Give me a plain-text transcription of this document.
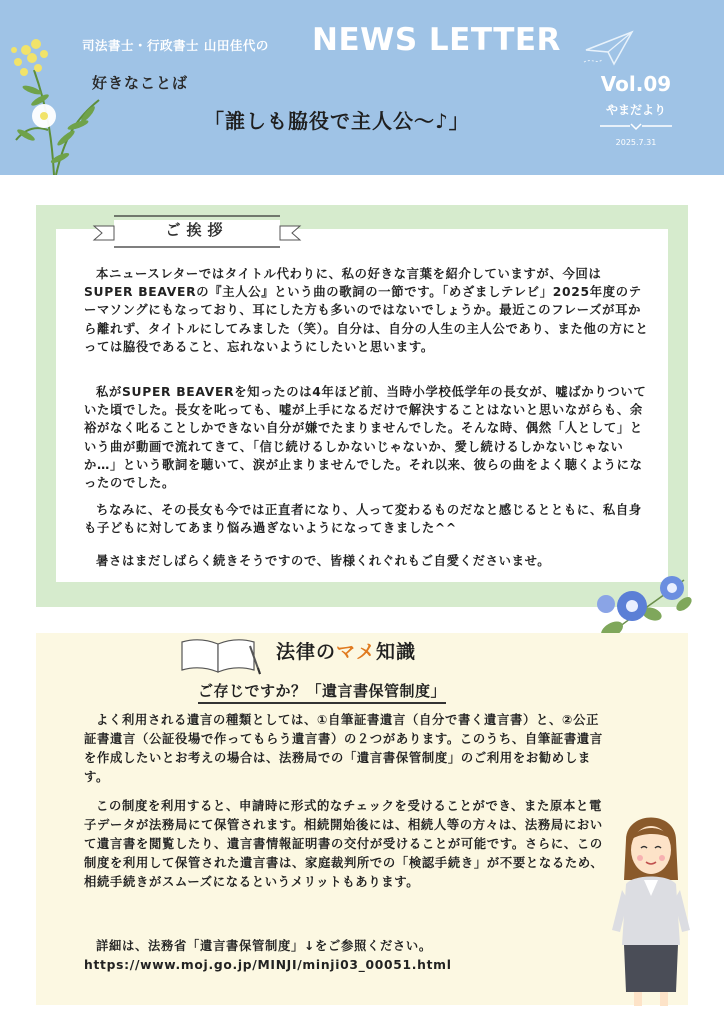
司法書士・行政書士 山田佳代の NEWS LETTER
好きなことば
「誰しも脇役で主人公～♪」
Vol.09
やまだより
2025.7.31
ご挨拶
本ニュースレターではタイトル代わりに、私の好きな言葉を紹介していますが、今回はSUPER BEAVERの『主人公』という曲の歌詞の一節です。「めざましテレビ」2025年度のテーマソングにもなっており、耳にした方も多いのではないでしょうか。最近このフレーズが耳から離れず、タイトルにしてみました（笑）。自分は、自分の人生の主人公であり、また他の方にとっては脇役であること、忘れないようにしたいと思います。
私がSUPER BEAVERを知ったのは4年ほど前、当時小学校低学年の長女が、嘘ばかりついていた頃でした。長女を叱っても、嘘が上手になるだけで解決することはないと思いながらも、余裕がなく叱ることしかできない自分が嫌でたまりませんでした。そんな時、偶然「人として」という曲が動画で流れてきて、「信じ続けるしかないじゃないか、愛し続けるしかないじゃないか…」という歌詞を聴いて、涙が止まりませんでした。それ以来、彼らの曲をよく聴くようになったのでした。
ちなみに、その長女も今では正直者になり、人って変わるものだなと感じるとともに、私自身も子どもに対してあまり悩み過ぎないようになってきました^^
暑さはまだしばらく続きそうですので、皆様くれぐれもご自愛くださいませ。
法律のマメ知識
ご存じですか？「遺言書保管制度」
よく利用される遺言の種類としては、①自筆証書遺言（自分で書く遺言書）と、②公正証書遺言（公証役場で作ってもらう遺言書）の２つがあります。このうち、自筆証書遺言を作成したいとお考えの場合は、法務局での「遺言書保管制度」のご利用をお勧めします。
この制度を利用すると、申請時に形式的なチェックを受けることができ、また原本と電子データが法務局にて保管されます。相続開始後には、相続人等の方々は、法務局において遺言書を閲覧したり、遺言書情報証明書の交付が受けることが可能です。さらに、この制度を利用して保管された遺言書は、家庭裁判所での「検認手続き」が不要となるため、相続手続きがスムーズになるというメリットもあります。
詳細は、法務省「遺言書保管制度」↓をご参照ください。
https://www.moj.go.jp/MINJI/minji03_00051.html
